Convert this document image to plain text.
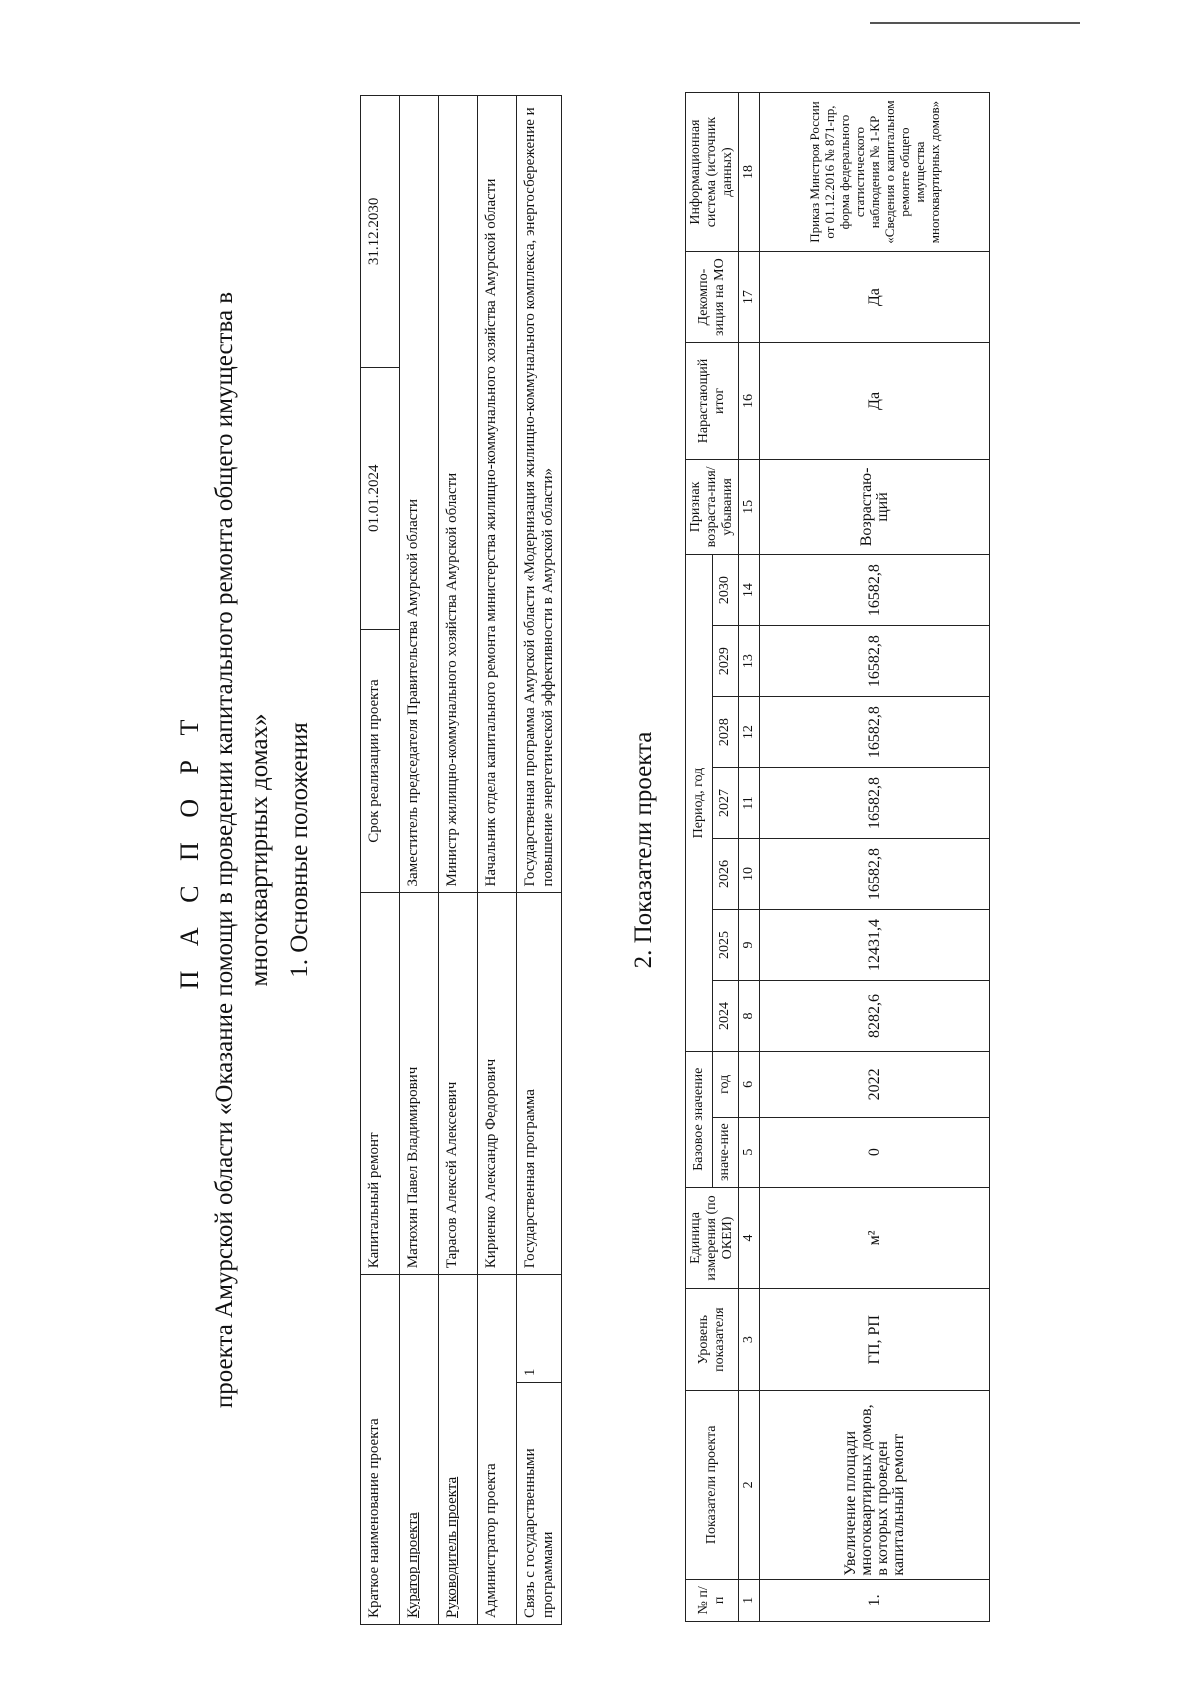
П А С П О Р Т проекта Амурской области «Оказание помощи в проведении капитального ремонта общего имущества в многоквартирных домах» 1. Основные положения
Краткое наименование проекта		Капитальный ремонт	Срок реализации проекта	01.01.2024	31.12.2030
Куратор проекта		Матюхин Павел Владимирович	Заместитель председателя Правительства Амурской области		
Руководитель проекта		Тарасов Алексей Алексеевич	Министр жилищно-коммунального хозяйства Амурской области		
Администратор проекта		Кириенко Александр Федорович	Начальник отдела капитального ремонта министерства жилищно-коммунального хозяйства Амурской области		
Связь с государственными программами	1	Государственная программа	Государственная программа Амурской области «Модернизация жилищно-коммунального комплекса, энергосбережение и повышение энергетической эффективности в Амурской области»			2. Показатели проекта
№ п/п	Показатели проекта	Уровень показателя	Единица измерения (по ОКЕИ)	Базовое значение		Период, год							Признак возраста-ния/ убывания	Нарастающий итог	Декомпо-зиция на МО	Информационная система (источник данных)
				значе-ние	год	2024	2025	2026	2027	2028	2029	2030				
1	2	3	4	5	6	8	9	10	11	12	13	14	15	16	17	18
1.	Увеличение площади многоквартирных домов, в которых проведен капитальный ремонт	ГП, РП	м²	0	2022	8282,6	12431,4	16582,8	16582,8	16582,8	16582,8	16582,8	Возрастаю-щий	Да	Да	Приказ Минстроя России от 01.12.2016 № 871-пр, форма федерального статистического наблюдения № 1-КР «Сведения о капитальном ремонте общего имущества многоквартирных домов»
